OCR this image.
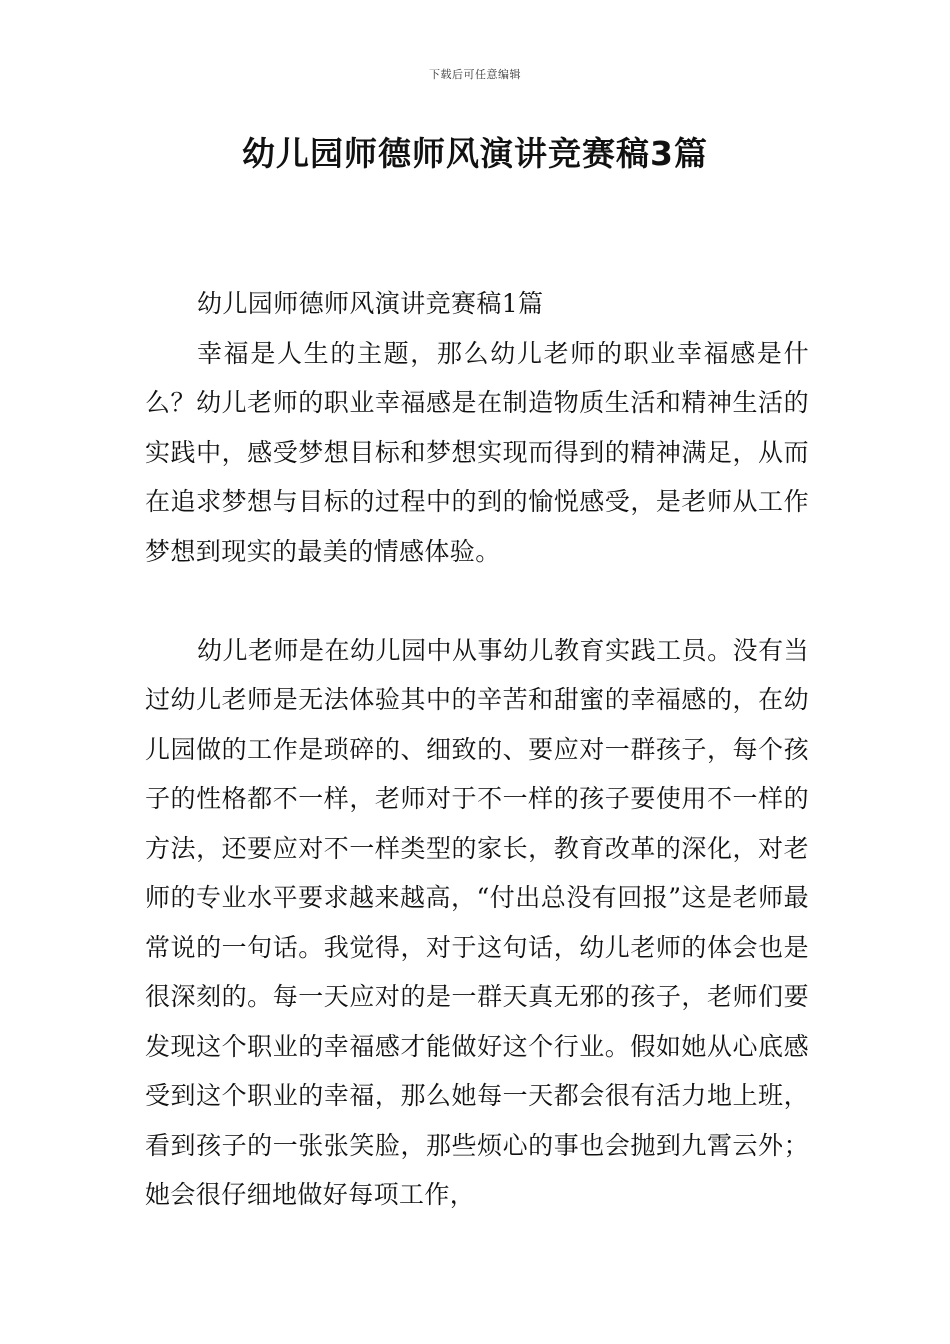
下载后可任意编辑
幼儿园师德师风演讲竞赛稿3篇

幼儿园师德师风演讲竞赛稿1篇

幸福是人生的主题，那么幼儿老师的职业幸福感是什么？幼儿老师的职业幸福感是在制造物质生活和精神生活的实践中，感受梦想目标和梦想实现而得到的精神满足，从而在追求梦想与目标的过程中的到的愉悦感受，是老师从工作梦想到现实的最美的情感体验。

幼儿老师是在幼儿园中从事幼儿教育实践工员。没有当过幼儿老师是无法体验其中的辛苦和甜蜜的幸福感的，在幼儿园做的工作是琐碎的、细致的、要应对一群孩子，每个孩子的性格都不一样，老师对于不一样的孩子要使用不一样的方法，还要应对不一样类型的家长，教育改革的深化，对老师的专业水平要求越来越高，“付出总没有回报”这是老师最常说的一句话。我觉得，对于这句话，幼儿老师的体会也是很深刻的。每一天应对的是一群天真无邪的孩子，老师们要发现这个职业的幸福感才能做好这个行业。假如她从心底感受到这个职业的幸福，那么她每一天都会很有活力地上班，看到孩子的一张张笑脸，那些烦心的事也会抛到九霄云外；她会很仔细地做好每项工作，
